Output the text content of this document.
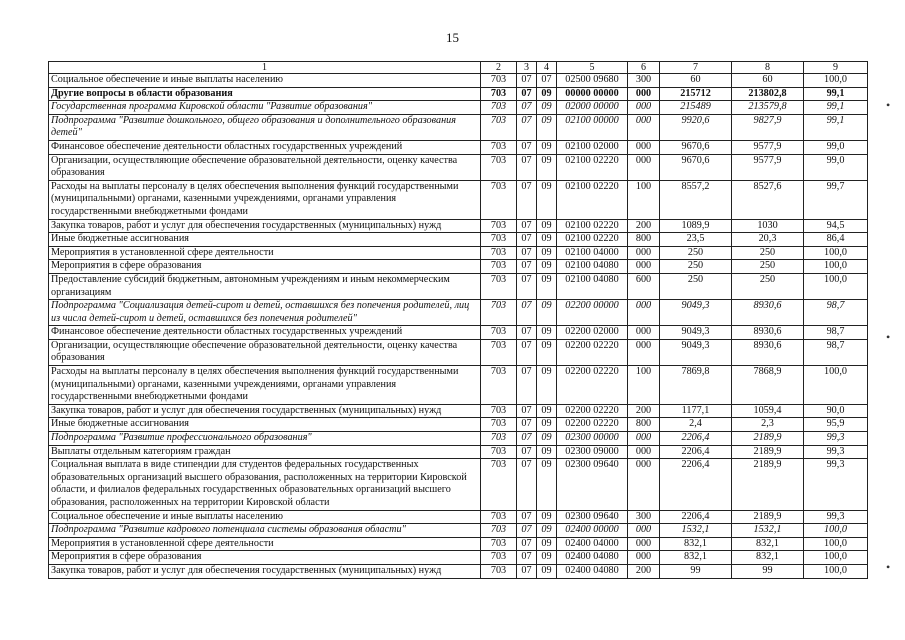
15
1	2	3	4	5	6	7	8	9
Социальное обеспечение и иные выплаты населению	703	07	07	02500 09680	300	60	60	100,0
Другие вопросы в области образования	703	07	09	00000 00000	000	215712	213802,8	99,1
Государственная программа Кировской области "Развитие образования"	703	07	09	02000 00000	000	215489	213579,8	99,1
Подпрограмма "Развитие дошкольного, общего образования и дополнительного образования детей"	703	07	09	02100 00000	000	9920,6	9827,9	99,1
Финансовое обеспечение деятельности областных государственных учреждений	703	07	09	02100 02000	000	9670,6	9577,9	99,0
Организации, осуществляющие обеспечение образовательной деятельности, оценку качества образования	703	07	09	02100 02220	000	9670,6	9577,9	99,0
Расходы на выплаты персоналу в целях обеспечения выполнения функций государственными (муниципальными) органами, казенными учреждениями, органами управления государственными внебюджетными фондами	703	07	09	02100 02220	100	8557,2	8527,6	99,7
Закупка товаров, работ и услуг для обеспечения государственных (муниципальных) нужд	703	07	09	02100 02220	200	1089,9	1030	94,5
Иные бюджетные ассигнования	703	07	09	02100 02220	800	23,5	20,3	86,4
Мероприятия в установленной сфере деятельности	703	07	09	02100 04000	000	250	250	100,0
Мероприятия в сфере образования	703	07	09	02100 04080	000	250	250	100,0
Предоставление субсидий бюджетным, автономным учреждениям и иным некоммерческим организациям	703	07	09	02100 04080	600	250	250	100,0
Подпрограмма "Социализация детей-сирот и детей, оставшихся без попечения родителей, лиц из числа детей-сирот и детей, оставшихся без попечения родителей"	703	07	09	02200 00000	000	9049,3	8930,6	98,7
Финансовое обеспечение деятельности областных государственных учреждений	703	07	09	02200 02000	000	9049,3	8930,6	98,7
Организации, осуществляющие обеспечение образовательной деятельности, оценку качества образования	703	07	09	02200 02220	000	9049,3	8930,6	98,7
Расходы на выплаты персоналу в целях обеспечения выполнения функций государственными (муниципальными) органами, казенными учреждениями, органами управления государственными внебюджетными фондами	703	07	09	02200 02220	100	7869,8	7868,9	100,0
Закупка товаров, работ и услуг для обеспечения государственных (муниципальных) нужд	703	07	09	02200 02220	200	1177,1	1059,4	90,0
Иные бюджетные ассигнования	703	07	09	02200 02220	800	2,4	2,3	95,9
Подпрограмма "Развитие профессионального образования"	703	07	09	02300 00000	000	2206,4	2189,9	99,3
Выплаты отдельным категориям граждан	703	07	09	02300 09000	000	2206,4	2189,9	99,3
Социальная выплата в виде стипендии для студентов федеральных государственных образовательных организаций высшего образования, расположенных на территории Кировской области, и филиалов федеральных государственных образовательных организаций высшего образования, расположенных на территории Кировской области	703	07	09	02300 09640	000	2206,4	2189,9	99,3
Социальное обеспечение и иные выплаты населению	703	07	09	02300 09640	300	2206,4	2189,9	99,3
Подпрограмма "Развитие кадрового потенциала системы образования области"	703	07	09	02400 00000	000	1532,1	1532,1	100,0
Мероприятия в установленной сфере деятельности	703	07	09	02400 04000	000	832,1	832,1	100,0
Мероприятия в сфере образования	703	07	09	02400 04080	000	832,1	832,1	100,0
Закупка товаров, работ и услуг для обеспечения государственных (муниципальных) нужд	703	07	09	02400 04080	200	99	99	100,0
•
•
•
